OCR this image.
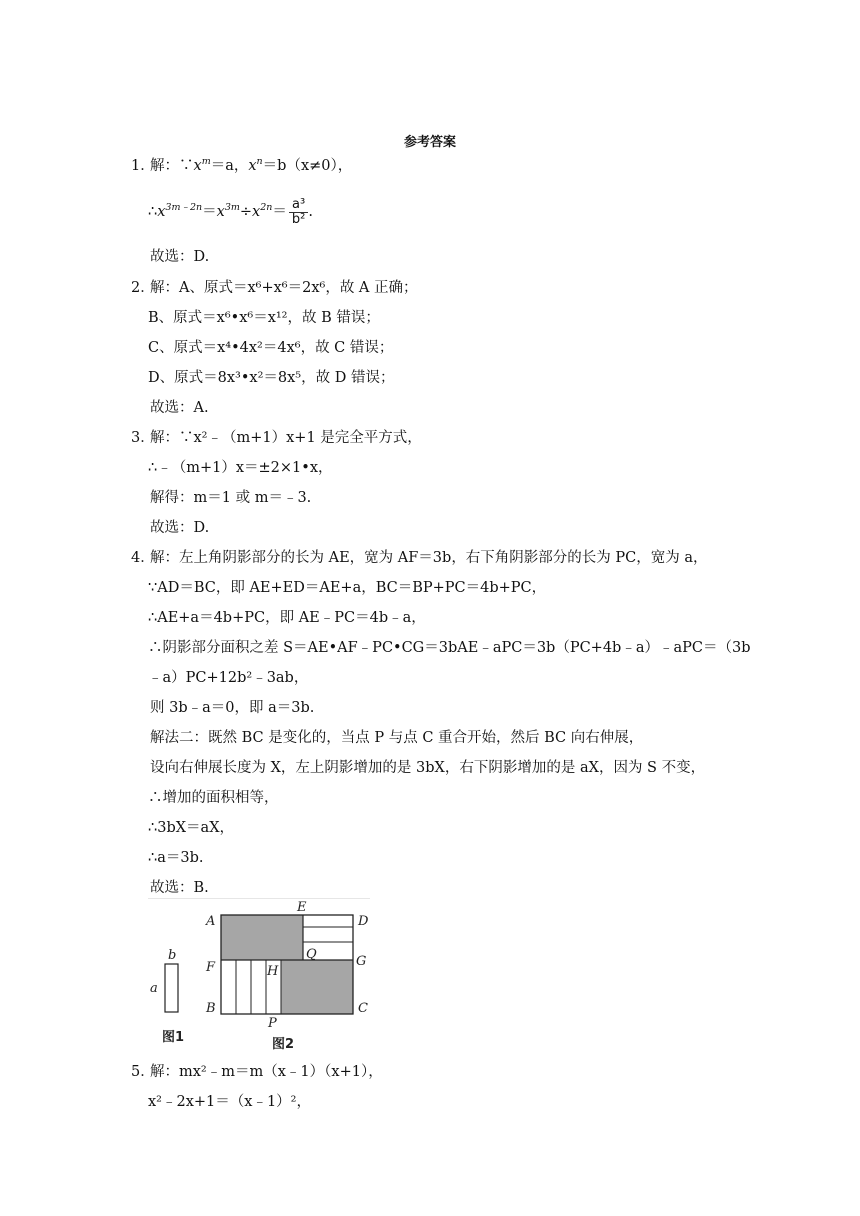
参考答案
1．
解：$\because x^m=a$，$x^n=b(x\ne 0)$，
$\therefore x^{3m﹣2n}=x^{3m}\div x^{2n}= \frac{\text{a³}}{\text{b²}}$ .
故选：D.
2．
解：A、原式＝x⁶+x⁶＝2x⁶，故 A 正确；
B、原式＝x⁶•x⁶＝x¹²，故 B 错误；
C、原式＝x⁴•4x²＝4x⁶，故 C 错误；
D、原式＝8x³•x²＝8x⁵，故 D 错误；
故选：A.
3．
解：∵x²﹣（m+1）x+1 是完全平方式，
∴﹣（m+1）x＝±2×1•x，
解得：m＝1 或 m＝﹣3.
故选：D.
4．
解：左上角阴影部分的长为 AE，宽为 AF＝3b，右下角阴影部分的长为 PC，宽为 a，
∵AD＝BC，即 AE+ED＝AE+a，BC＝BP+PC＝4b+PC，
∴AE+a＝4b+PC，即 AE﹣PC＝4b﹣a，
∴阴影部分面积之差 S＝AE•AF﹣PC•CG＝3bAE﹣aPC＝3b（PC+4b﹣a）﹣aPC＝（3b
﹣a）PC+12b²﹣3ab，
则 3b﹣a＝0，即 a＝3b.
解法二：既然 BC 是变化的，当点 P 与点 C 重合开始，然后 BC 向右伸展，
设向右伸展长度为 X，左上阴影增加的是 3bX，右下阴影增加的是 aX，因为 S 不变，
∴增加的面积相等，
∴3bX＝aX，
∴a＝3b.
故选：B.
b
a
图1
A
E
D
Q
F	H
G
B
P
C
图2
5．
解：mx²﹣m＝m（x﹣1）（x+1），
x²﹣2x+1＝（x﹣1）²，
